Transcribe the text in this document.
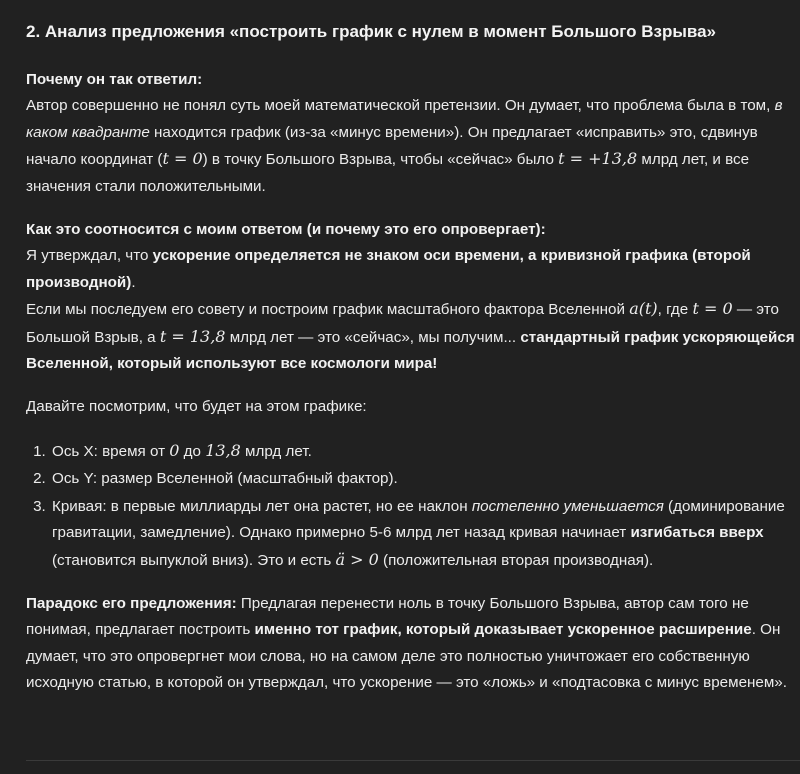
2. Анализ предложения «построить график с нулем в момент Большого Взрыва»

Почему он так ответил:
Автор совершенно не понял суть моей математической претензии. Он думает, что проблема была в том, в каком квадранте находится график (из-за «минус времени»). Он предлагает «исправить» это, сдвинув начало координат (t = 0) в точку Большого Взрыва, чтобы «сейчас» было t = +13,8 млрд лет, и все значения стали положительными.

Как это соотносится с моим ответом (и почему это его опровергает):
Я утверждал, что ускорение определяется не знаком оси времени, а кривизной графика (второй производной).
Если мы последуем его совету и построим график масштабного фактора Вселенной a(t), где t = 0 — это Большой Взрыв, а t = 13,8 млрд лет — это «сейчас», мы получим... стандартный график ускоряющейся Вселенной, который используют все космологи мира!

Давайте посмотрим, что будет на этом графике:

1. Ось X: время от 0 до 13,8 млрд лет.
2. Ось Y: размер Вселенной (масштабный фактор).
3. Кривая: в первые миллиарды лет она растет, но ее наклон постепенно уменьшается (доминирование гравитации, замедление). Однако примерно 5-6 млрд лет назад кривая начинает изгибаться вверх (становится выпуклой вниз). Это и есть ä > 0 (положительная вторая производная).

Парадокс его предложения: Предлагая перенести ноль в точку Большого Взрыва, автор сам того не понимая, предлагает построить именно тот график, который доказывает ускоренное расширение. Он думает, что это опровергнет мои слова, но на самом деле это полностью уничтожает его собственную исходную статью, в которой он утверждал, что ускорение — это «ложь» и «подтасовка с минус временем».
